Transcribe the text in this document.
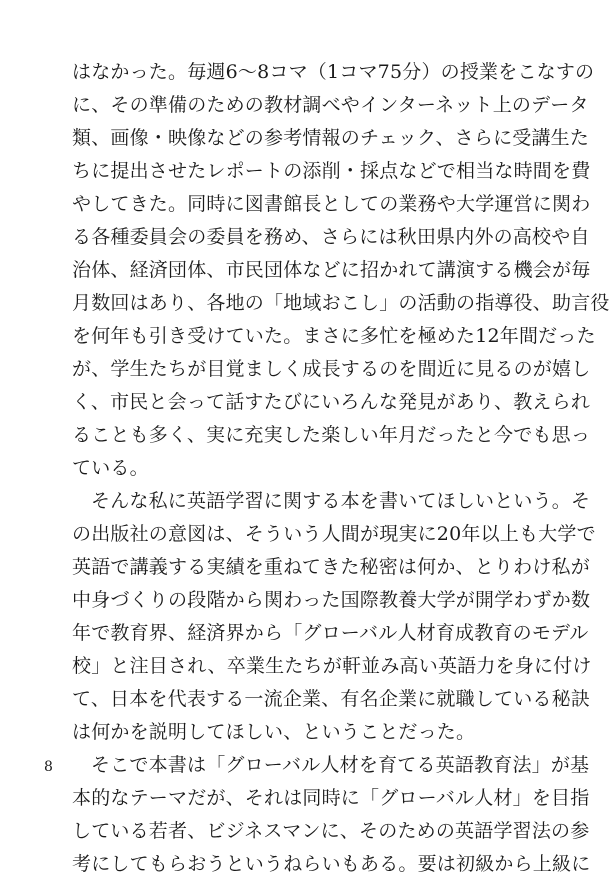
はなかった。毎週6～8コマ（1コマ75分）の授業をこなすの
に、その準備のための教材調べやインターネット上のデータ
類、画像・映像などの参考情報のチェック、さらに受講生た
ちに提出させたレポートの添削・採点などで相当な時間を費
やしてきた。同時に図書館長としての業務や大学運営に関わ
る各種委員会の委員を務め、さらには秋田県内外の高校や自
治体、経済団体、市民団体などに招かれて講演する機会が毎
月数回はあり、各地の「地域おこし」の活動の指導役、助言役
を何年も引き受けていた。まさに多忙を極めた12年間だった
が、学生たちが目覚ましく成長するのを間近に見るのが嬉し
く、市民と会って話すたびにいろんな発見があり、教えられ
ることも多く、実に充実した楽しい年月だったと今でも思っ
ている。
そんな私に英語学習に関する本を書いてほしいという。そ
の出版社の意図は、そういう人間が現実に20年以上も大学で
英語で講義する実績を重ねてきた秘密は何か、とりわけ私が
中身づくりの段階から関わった国際教養大学が開学わずか数
年で教育界、経済界から「グローバル人材育成教育のモデル
校」と注目され、卒業生たちが軒並み高い英語力を身に付け
て、日本を代表する一流企業、有名企業に就職している秘訣
は何かを説明してほしい、ということだった。
そこで本書は「グローバル人材を育てる英語教育法」が基
本的なテーマだが、それは同時に「グローバル人材」を目指
している若者、ビジネスマンに、そのための英語学習法の参
考にしてもらおうというねらいもある。要は初級から上級に
8
